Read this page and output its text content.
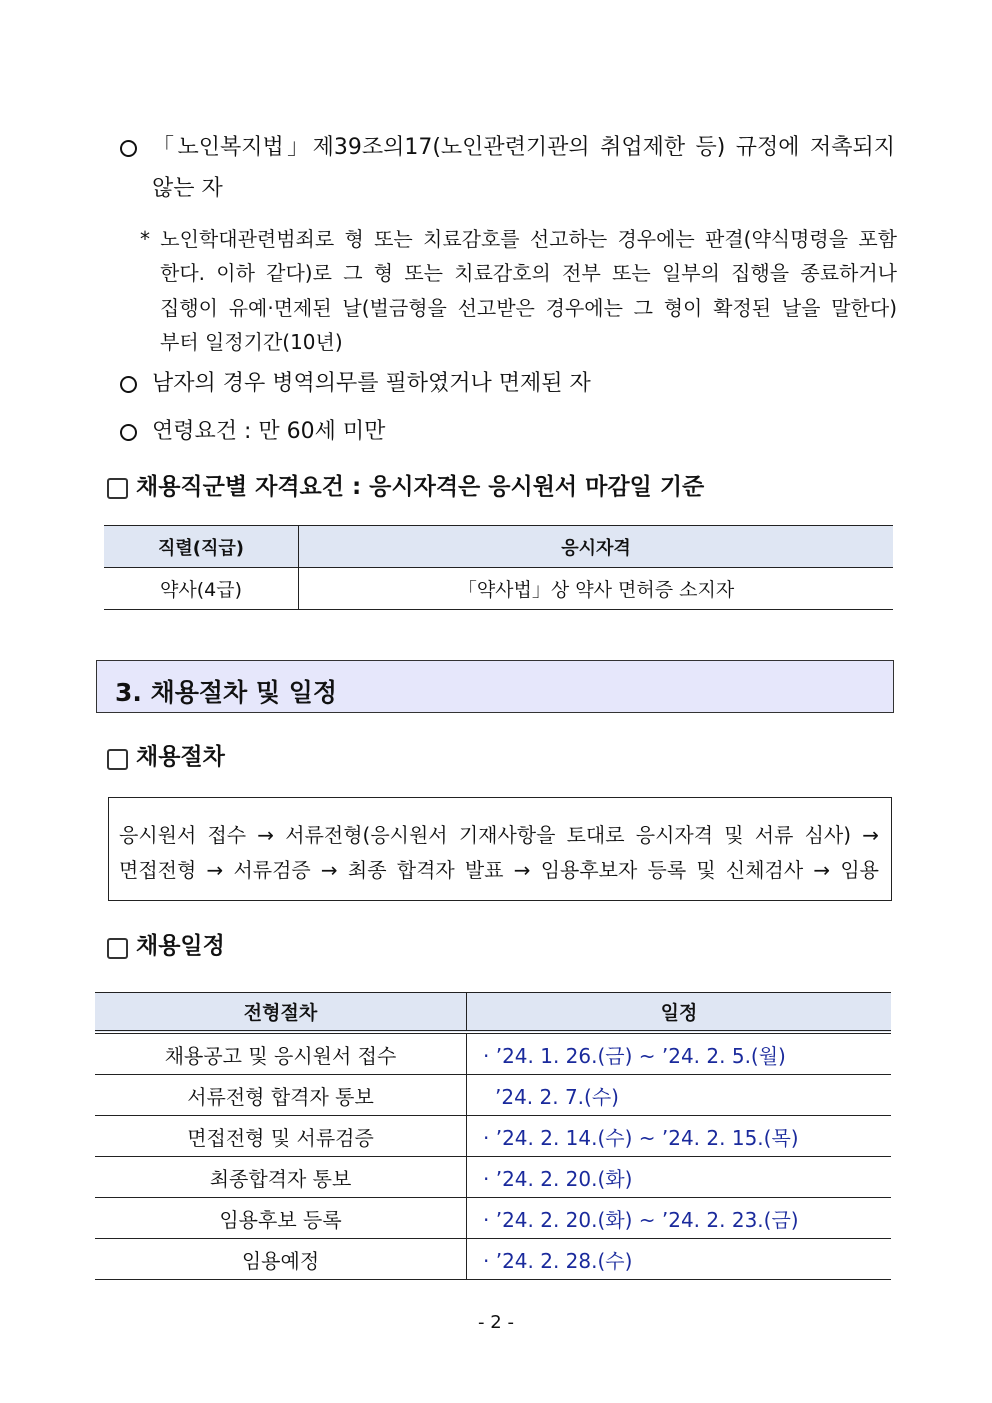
「노인복지법」제39조의17(노인관련기관의 취업제한 등) 규정에 저촉되지
않는 자
* 노인학대관련범죄로 형 또는 치료감호를 선고하는 경우에는 판결(약식명령을 포함
한다. 이하 같다)로 그 형 또는 치료감호의 전부 또는 일부의 집행을 종료하거나
집행이 유예·면제된 날(벌금형을 선고받은 경우에는 그 형이 확정된 날을 말한다)
부터 일정기간(10년)
남자의 경우 병역의무를 필하였거나 면제된 자
연령요건 : 만 60세 미만
채용직군별 자격요건 : 응시자격은 응시원서 마감일 기준
직렬(직급)	응시자격
약사(4급)	「약사법」상 약사 면허증 소지자
3. 채용절차 및 일정
채용절차
응시원서 접수 → 서류전형(응시원서 기재사항을 토대로 응시자격 및 서류 심사) →
면접전형 → 서류검증 → 최종 합격자 발표 → 임용후보자 등록 및 신체검사 → 임용
채용일정
전형절차	일정
채용공고 및 응시원서 접수	· ’24. 1. 26.(금) ~ ’24. 2. 5.(월)
서류전형 합격자 통보	’24. 2. 7.(수)
면접전형 및 서류검증	· ’24. 2. 14.(수) ~ ’24. 2. 15.(목)
최종합격자 통보	· ’24. 2. 20.(화)
임용후보 등록	· ’24. 2. 20.(화) ~ ’24. 2. 23.(금)
임용예정	· ’24. 2. 28.(수)
- 2 -
